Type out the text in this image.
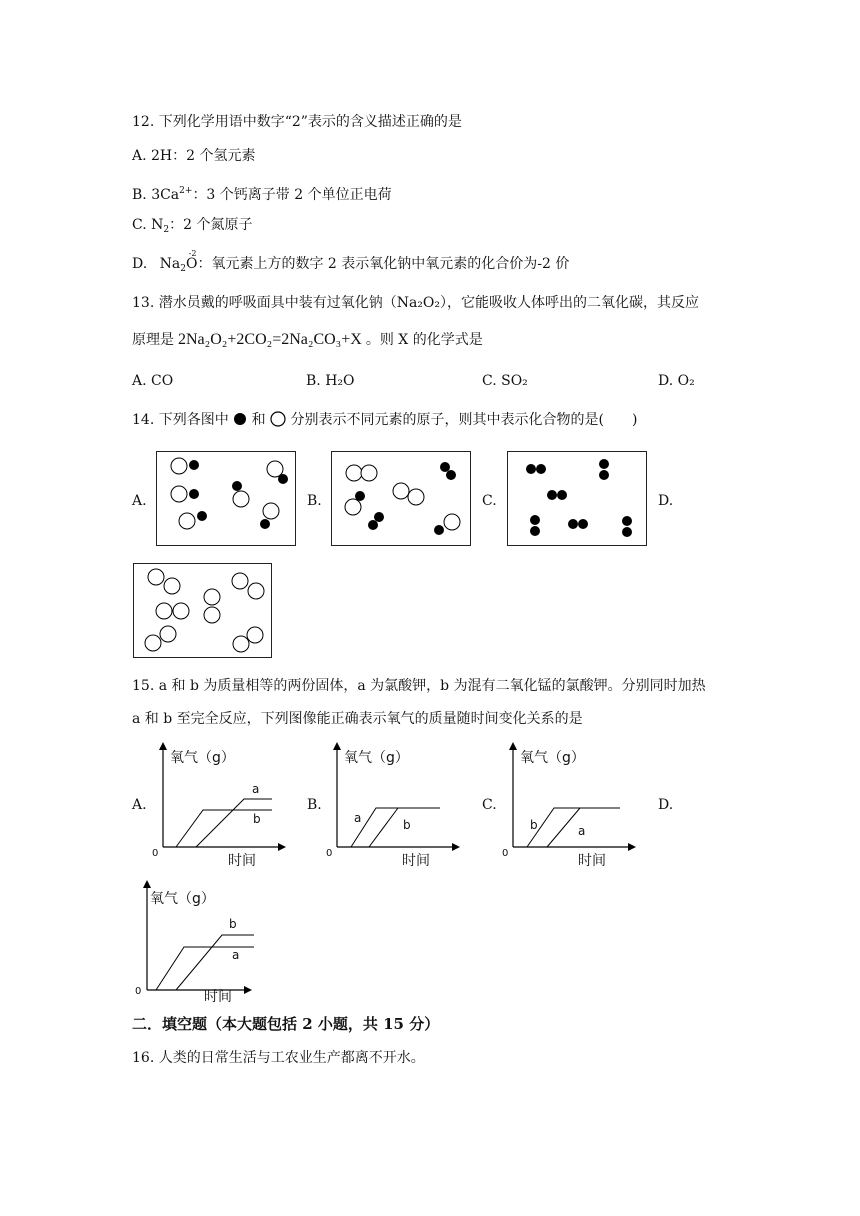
12. 下列化学用语中数字“2”表示的含义描述正确的是
A. 2H：2 个氢元素
B. $3Ca^{2+}$：3 个钙离子带 2 个单位正电荷
C. $N_2$：2 个氮原子
D. $Na_2O$
-2
：氧元素上方的数字 2 表示氧化钠中氧元素的化合价为-2 价
13. 潜水员戴的呼吸面具中装有过氧化钠（Na₂O₂），它能吸收人体呼出的二氧化碳，其反应
原理是 2Na₂O₂+2CO₂=2Na₂CO₃+X 。则 X 的化学式是
A. CO	B. H₂O	C. SO₂	D. O₂
14. 下列各图中 和 分别表示不同元素的原子，则其中表示化合物的是(　　)
A.	B.	C.	D.
15. a 和 b 为质量相等的两份固体，a 为氯酸钾，b 为混有二氧化锰的氯酸钾。分别同时加热
a 和 b 至完全反应，下列图像能正确表示氧气的质量随时间变化关系的是
A.	B.	C.	D.
氧气（g）
时间
0
a
b
氧气（g）
时间
0
a	b
氧气（g）
时间
0
b	a
氧气（g）
时间
0
b
a
二．填空题（本大题包括 2 小题，共 15 分）
16. 人类的日常生活与工农业生产都离不开水。
